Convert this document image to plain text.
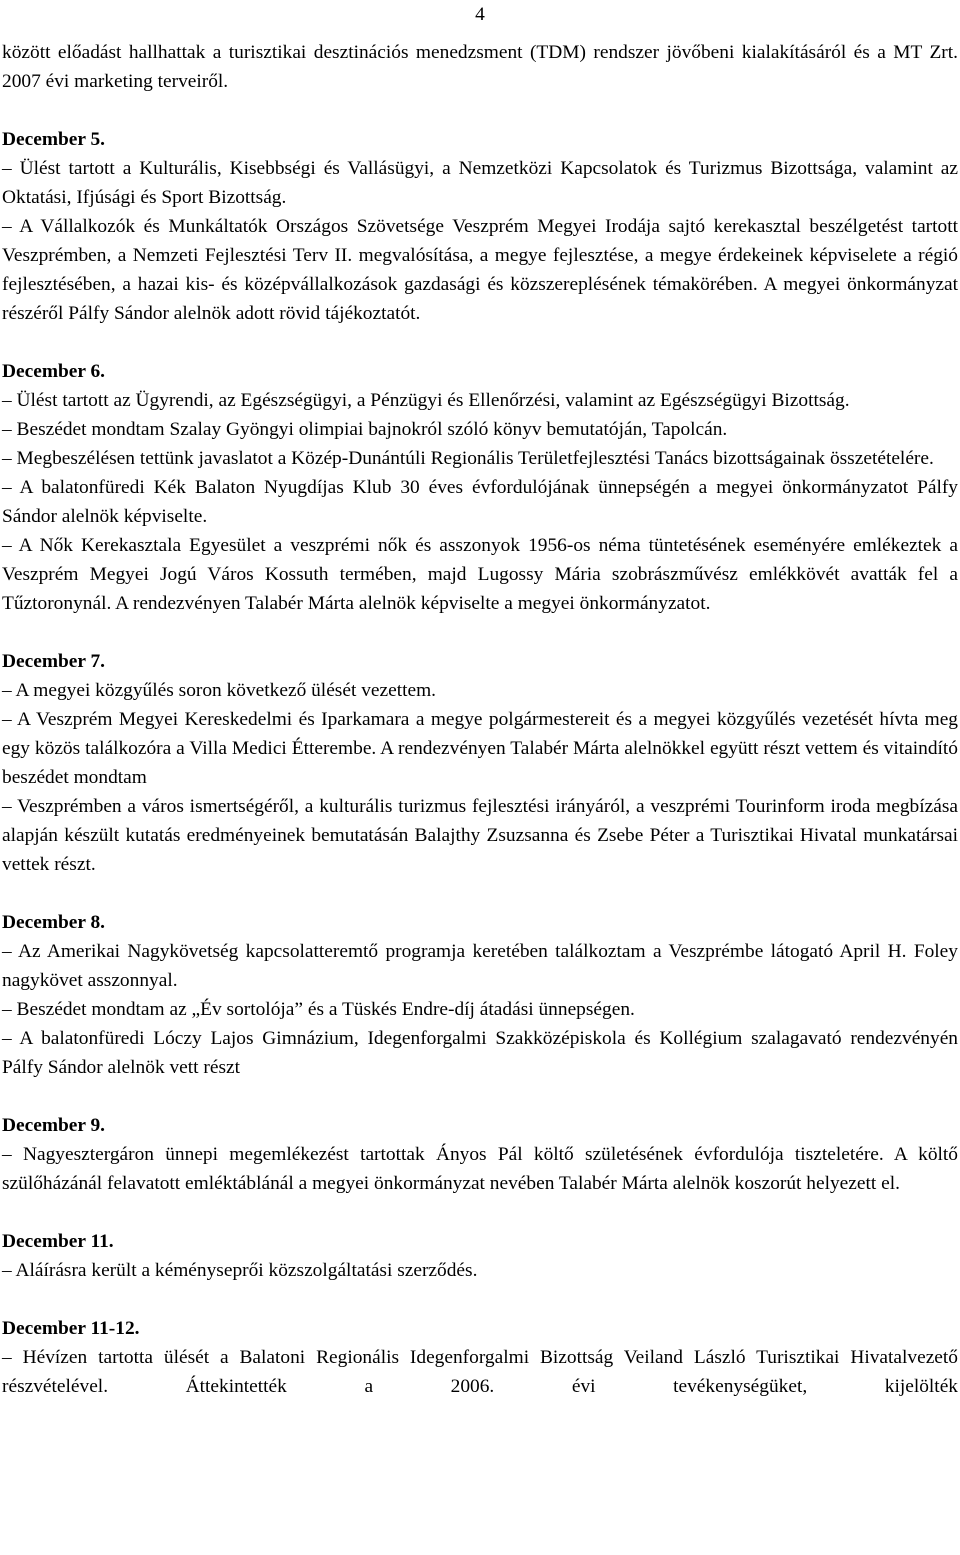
4

között előadást hallhattak a turisztikai desztinációs menedzsment (TDM) rendszer jövőbeni kialakításáról és a MT Zrt. 2007 évi marketing terveiről.

December 5.

– Ülést tartott a Kulturális, Kisebbségi és Vallásügyi, a Nemzetközi Kapcsolatok és Turizmus Bizottsága, valamint az Oktatási, Ifjúsági és Sport Bizottság.

– A Vállalkozók és Munkáltatók Országos Szövetsége Veszprém Megyei Irodája sajtó kerekasztal beszélgetést tartott Veszprémben, a Nemzeti Fejlesztési Terv II. megvalósítása, a megye fejlesztése, a megye érdekeinek képviselete a régió fejlesztésében, a hazai kis- és középvállalkozások gazdasági és közszereplésének témakörében. A megyei önkormányzat részéről Pálfy Sándor alelnök adott rövid tájékoztatót.

December 6.

– Ülést tartott az Ügyrendi, az Egészségügyi, a Pénzügyi és Ellenőrzési, valamint az Egészségügyi Bizottság.

– Beszédet mondtam Szalay Gyöngyi olimpiai bajnokról szóló könyv bemutatóján, Tapolcán.

– Megbeszélésen tettünk javaslatot a Közép-Dunántúli Regionális Területfejlesztési Tanács bizottságainak összetételére.

– A balatonfüredi Kék Balaton Nyugdíjas Klub 30 éves évfordulójának ünnepségén a megyei önkormányzatot Pálfy Sándor alelnök képviselte.

– A Nők Kerekasztala Egyesület a veszprémi nők és asszonyok 1956-os néma tüntetésének eseményére emlékeztek a Veszprém Megyei Jogú Város Kossuth termében, majd Lugossy Mária szobrászművész emlékkövét avatták fel a Tűztoronynál. A rendezvényen Talabér Márta alelnök képviselte a megyei önkormányzatot.

December 7.

– A megyei közgyűlés soron következő ülését vezettem.

– A Veszprém Megyei Kereskedelmi és Iparkamara a megye polgármestereit és a megyei közgyűlés vezetését hívta meg egy közös találkozóra a Villa Medici Étterembe. A rendezvényen Talabér Márta alelnökkel együtt részt vettem és vitaindító beszédet mondtam

– Veszprémben a város ismertségéről, a kulturális turizmus fejlesztési irányáról, a veszprémi Tourinform iroda megbízása alapján készült kutatás eredményeinek bemutatásán Balajthy Zsuzsanna és Zsebe Péter a Turisztikai Hivatal munkatársai vettek részt.

December 8.

– Az Amerikai Nagykövetség kapcsolatteremtő programja keretében találkoztam a Veszprémbe látogató April H. Foley nagykövet asszonnyal.

– Beszédet mondtam az „Év sortolója” és a Tüskés Endre-díj átadási ünnepségen.

– A balatonfüredi Lóczy Lajos Gimnázium, Idegenforgalmi Szakközépiskola és Kollégium szalagavató rendezvényén Pálfy Sándor alelnök vett részt

December 9.

– Nagyesztergáron ünnepi megemlékezést tartottak Ányos Pál költő születésének évfordulója tiszteletére. A költő szülőházánál felavatott emléktáblánál a megyei önkormányzat nevében Talabér Márta alelnök koszorút helyezett el.

December 11.

– Aláírásra került a kéményseprői közszolgáltatási szerződés.

December 11-12.

– Hévízen tartotta ülését a Balatoni Regionális Idegenforgalmi Bizottság Veiland László Turisztikai Hivatalvezető részvételével. Áttekintették a 2006. évi tevékenységüket, kijelölték
